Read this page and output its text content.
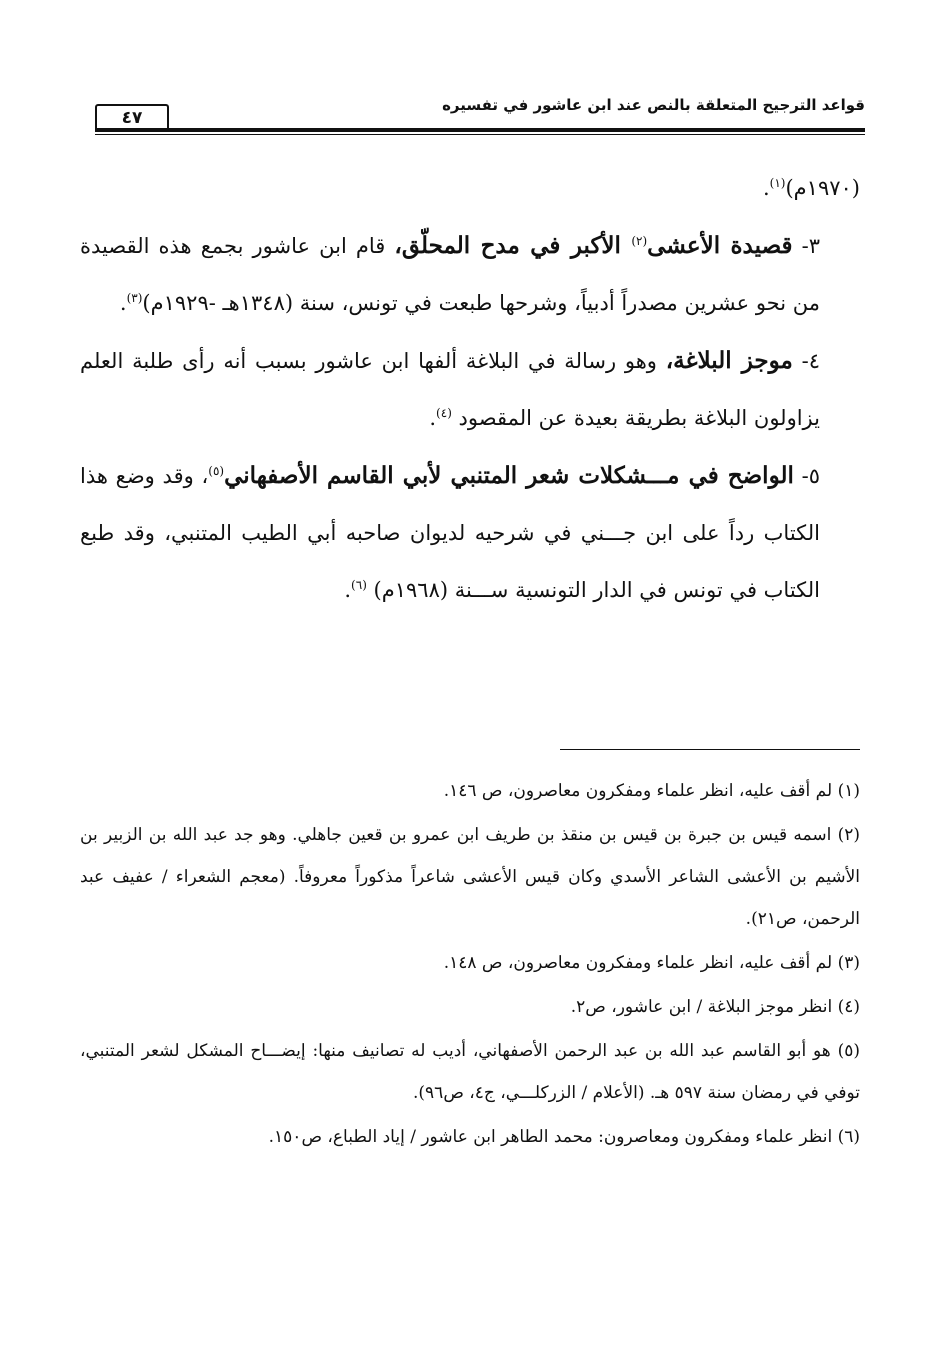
قواعد الترجيح المتعلقة بالنص عند ابن عاشور في تفسيره

٤٧

(١٩٧٠م)$^{(١)}$.

٣- قصيدة الأعشى$^{(٢)}$ الأكبر في مدح المحلّق، قام ابن عاشور بجمع هذه القصيدة من نحو عشرين مصدراً أدبياً، وشرحها طبعت في تونس، سنة (١٣٤٨هـ -١٩٢٩م)$^{(٣)}$.

٤- موجز البلاغة، وهو رسالة في البلاغة ألفها ابن عاشور بسبب أنه رأى طلبة العلم يزاولون البلاغة بطريقة بعيدة عن المقصود $^{(٤)}$.

٥- الواضح في مـــشكلات شعر المتنبي لأبي القاسم الأصفهاني$^{(٥)}$، وقد وضع هذا الكتاب رداً على ابن جـــني في شرحيه لديوان صاحبه أبي الطيب المتنبي، وقد طبع الكتاب في تونس في الدار التونسية ســـنة (١٩٦٨م) $^{(٦)}$.

(١) لم أقف عليه، انظر علماء ومفكرون معاصرون، ص ١٤٦.

(٢) اسمه قيس بن جبرة بن قيس بن منقذ بن طريف ابن عمرو بن قعين جاهلي. وهو جد عبد الله بن الزبير بن الأشيم بن الأعشى الشاعر الأسدي وكان قيس الأعشى شاعراً مذكوراً معروفاً. (معجم الشعراء / عفيف عبد الرحمن، ص٢١).

(٣) لم أقف عليه، انظر علماء ومفكرون معاصرون، ص ١٤٨.

(٤) انظر موجز البلاغة / ابن عاشور، ص٢.

(٥) هو أبو القاسم عبد الله بن عبد الرحمن الأصفهاني، أديب له تصانيف منها: إيضـــاح المشكل لشعر المتنبي، توفي في رمضان سنة ٥٩٧ هـ. (الأعلام / الزركلـــي، ج٤، ص٩٦).

(٦) انظر علماء ومفكرون ومعاصرون: محمد الطاهر ابن عاشور / إياد الطباع، ص١٥٠.
